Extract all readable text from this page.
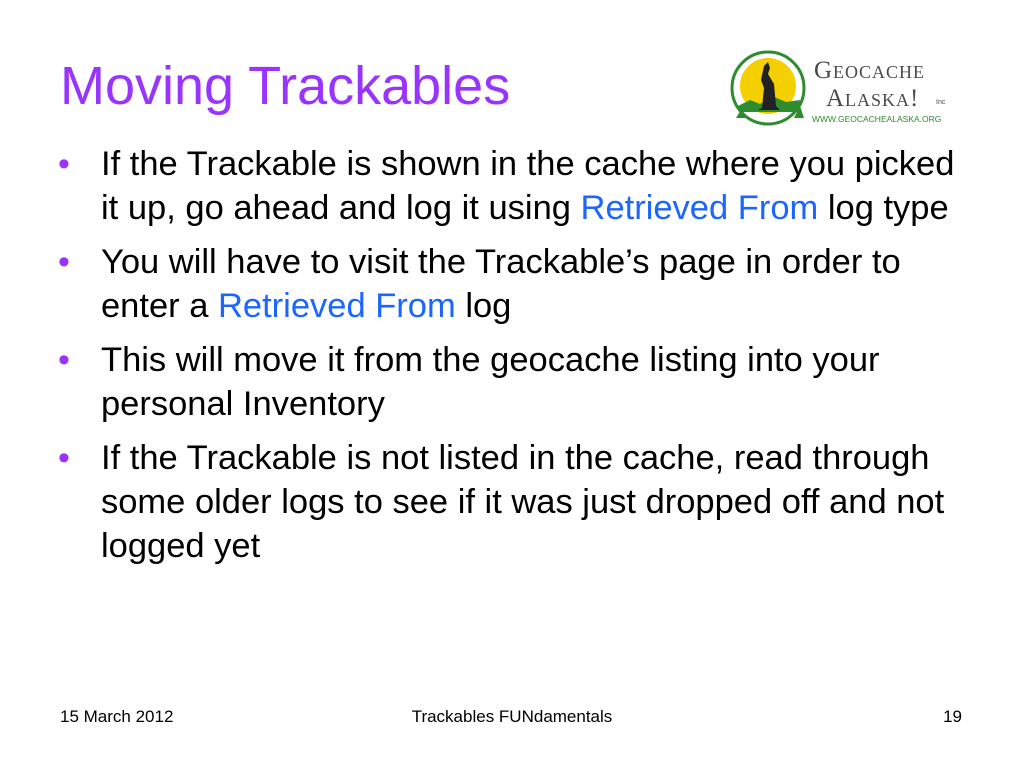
Moving Trackables	Geocache
Alaska! Inc
WWW.GEOCACHEALASKA.ORG
• If the Trackable is shown in the cache where you picked it up, go ahead and log it using Retrieved From log type
• You will have to visit the Trackable’s page in order to enter a Retrieved From log
• This will move it from the geocache listing into your personal Inventory
• If the Trackable is not listed in the cache, read through some older logs to see if it was just dropped off and not logged yet
15 March 2012	Trackables FUNdamentals	19
